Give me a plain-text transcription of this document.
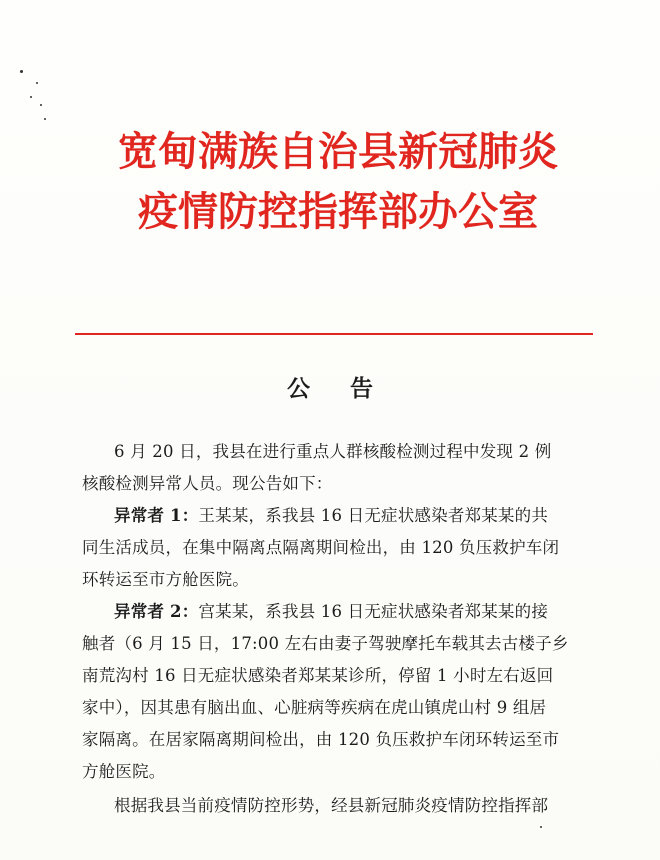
宽甸满族自治县新冠肺炎
疫情防控指挥部办公室
公 告
6 月 20 日，我县在进行重点人群核酸检测过程中发现 2 例
核酸检测异常人员。现公告如下：
异常者 1：王某某，系我县 16 日无症状感染者郑某某的共
同生活成员，在集中隔离点隔离期间检出，由 120 负压救护车闭
环转运至市方舱医院。
异常者 2：宫某某，系我县 16 日无症状感染者郑某某的接
触者（6 月 15 日，17:00 左右由妻子驾驶摩托车载其去古楼子乡
南荒沟村 16 日无症状感染者郑某某诊所，停留 1 小时左右返回
家中），因其患有脑出血、心脏病等疾病在虎山镇虎山村 9 组居
家隔离。在居家隔离期间检出，由 120 负压救护车闭环转运至市
方舱医院。
根据我县当前疫情防控形势，经县新冠肺炎疫情防控指挥部
